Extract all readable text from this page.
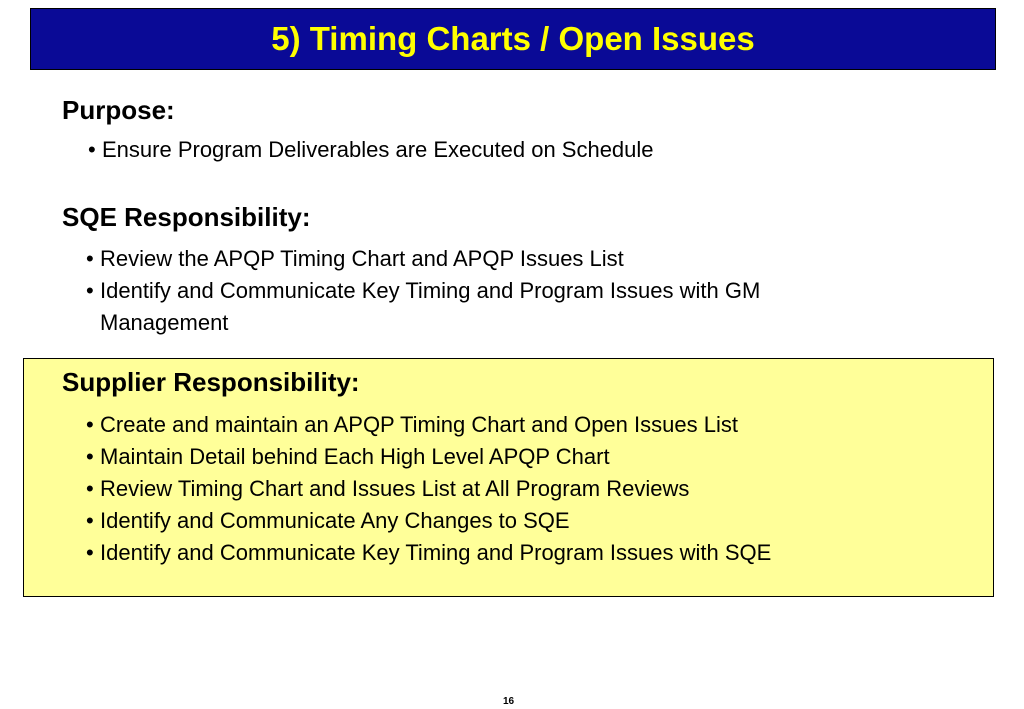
5) Timing Charts / Open Issues
Purpose:
• Ensure Program Deliverables are Executed on Schedule
SQE Responsibility:
• Review the APQP Timing Chart and APQP Issues List
• Identify and Communicate Key Timing and Program Issues with GM
Management
Supplier Responsibility:
• Create and maintain an APQP Timing Chart and Open Issues List
• Maintain Detail behind Each High Level APQP Chart
• Review Timing Chart and Issues List at All Program Reviews
• Identify and Communicate Any Changes to SQE
• Identify and Communicate Key Timing and Program Issues with SQE
16
